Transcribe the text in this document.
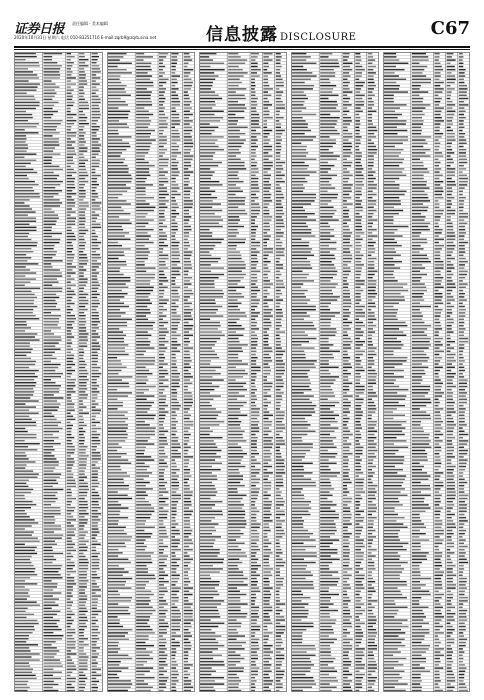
证券日报 责任编辑 · 美术编辑
2020年10月31日 星期六 电话 010-83251716 E-mail:zqrb9@zqrb.sina.net	信息披露 DISCLOSURE	C67
